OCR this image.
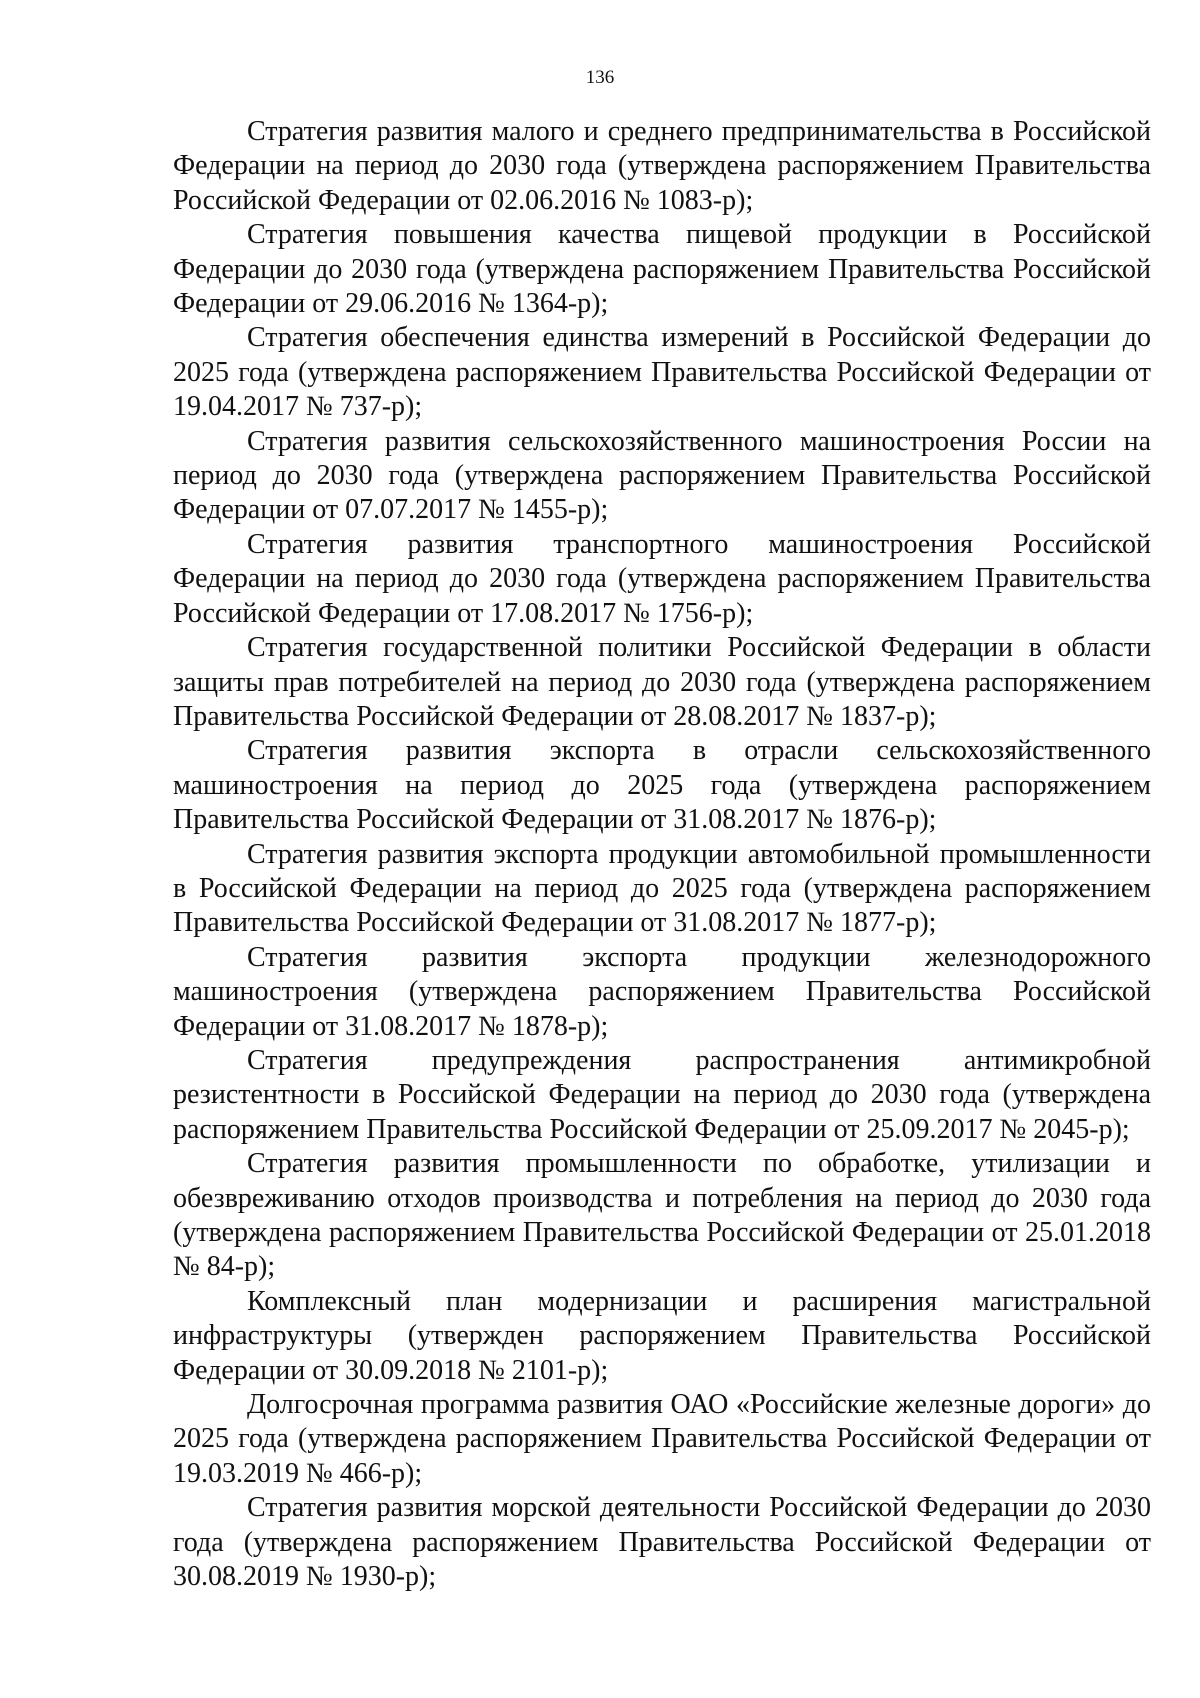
136

Стратегия развития малого и среднего предпринимательства в Российской Федерации на период до 2030 года (утверждена распоряжением Правительства Российской Федерации от 02.06.2016 № 1083-р);

Стратегия повышения качества пищевой продукции в Российской Федерации до 2030 года (утверждена распоряжением Правительства Российской Федерации от 29.06.2016 № 1364-р);

Стратегия обеспечения единства измерений в Российской Федерации до 2025 года (утверждена распоряжением Правительства Российской Федерации от 19.04.2017 № 737-р);

Стратегия развития сельскохозяйственного машиностроения России на период до 2030 года (утверждена распоряжением Правительства Российской Федерации от 07.07.2017 № 1455-р);

Стратегия развития транспортного машиностроения Российской Федерации на период до 2030 года (утверждена распоряжением Правительства Российской Федерации от 17.08.2017 № 1756-р);

Стратегия государственной политики Российской Федерации в области защиты прав потребителей на период до 2030 года (утверждена распоряжением Правительства Российской Федерации от 28.08.2017 № 1837-р);

Стратегия развития экспорта в отрасли сельскохозяйственного машиностроения на период до 2025 года (утверждена распоряжением Правительства Российской Федерации от 31.08.2017 № 1876-р);

Стратегия развития экспорта продукции автомобильной промышленности в Российской Федерации на период до 2025 года (утверждена распоряжением Правительства Российской Федерации от 31.08.2017 № 1877-р);

Стратегия развития экспорта продукции железнодорожного машиностроения (утверждена распоряжением Правительства Российской Федерации от 31.08.2017 № 1878-р);

Стратегия предупреждения распространения антимикробной резистентности в Российской Федерации на период до 2030 года (утверждена распоряжением Правительства Российской Федерации от 25.09.2017 № 2045-р);

Стратегия развития промышленности по обработке, утилизации и обезвреживанию отходов производства и потребления на период до 2030 года (утверждена распоряжением Правительства Российской Федерации от 25.01.2018 № 84-р);

Комплексный план модернизации и расширения магистральной инфраструктуры (утвержден распоряжением Правительства Российской Федерации от 30.09.2018 № 2101-р);

Долгосрочная программа развития ОАО «Российские железные дороги» до 2025 года (утверждена распоряжением Правительства Российской Федерации от 19.03.2019 № 466-р);

Стратегия развития морской деятельности Российской Федерации до 2030 года (утверждена распоряжением Правительства Российской Федерации от 30.08.2019 № 1930-р);
